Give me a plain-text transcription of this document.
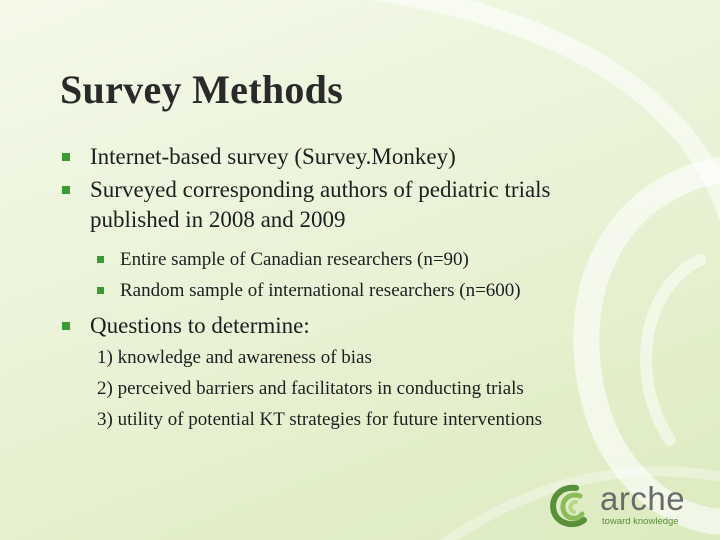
Survey Methods
Internet-based survey (Survey.Monkey)
Surveyed corresponding authors of pediatric trials
published in 2008 and 2009
Entire sample of Canadian researchers (n=90)
Random sample of international researchers (n=600)
Questions to determine:
1) knowledge and awareness of bias
2) perceived barriers and facilitators in conducting trials
3) utility of potential KT strategies for future interventions
arche
toward knowledge
